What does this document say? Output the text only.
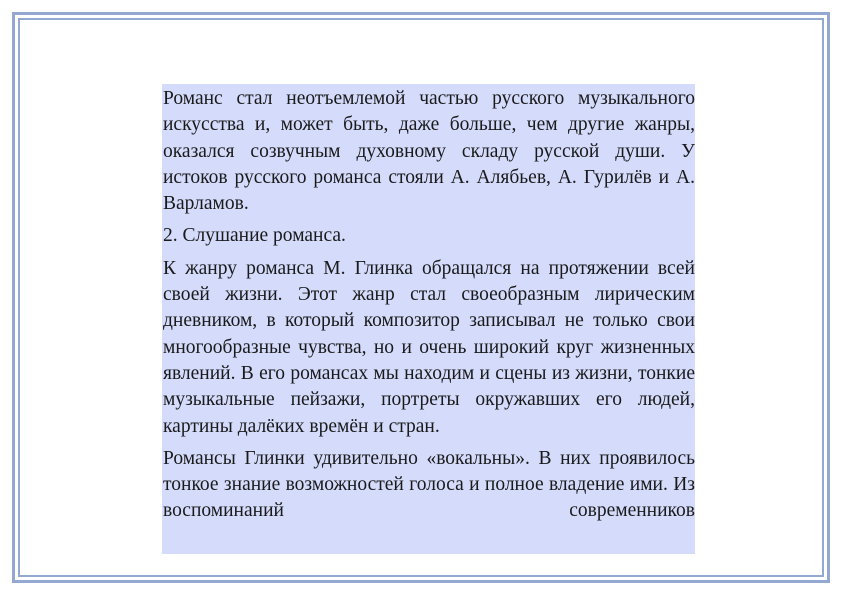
Романс стал неотъемлемой частью русского музыкального искусства и, может быть, даже больше, чем другие жанры, оказался созвучным духовному складу русской души. У истоков русского романса стояли А. Алябьев, А. Гурилёв и А. Варламов.

2. Слушание романса.

К жанру романса М. Глинка обращался на протяжении всей своей жизни. Этот жанр стал своеобразным лирическим дневником, в который композитор записывал не только свои многообразные чувства, но и очень широкий круг жизненных явлений. В его романсах мы находим и сцены из жизни, тонкие музыкальные пейзажи, портреты окружавших его людей, картины далёких времён и стран.

Романсы Глинки удивительно «вокальны». В них проявилось тонкое знание возможностей голоса и полное владение ими. Из воспоминаний современников
